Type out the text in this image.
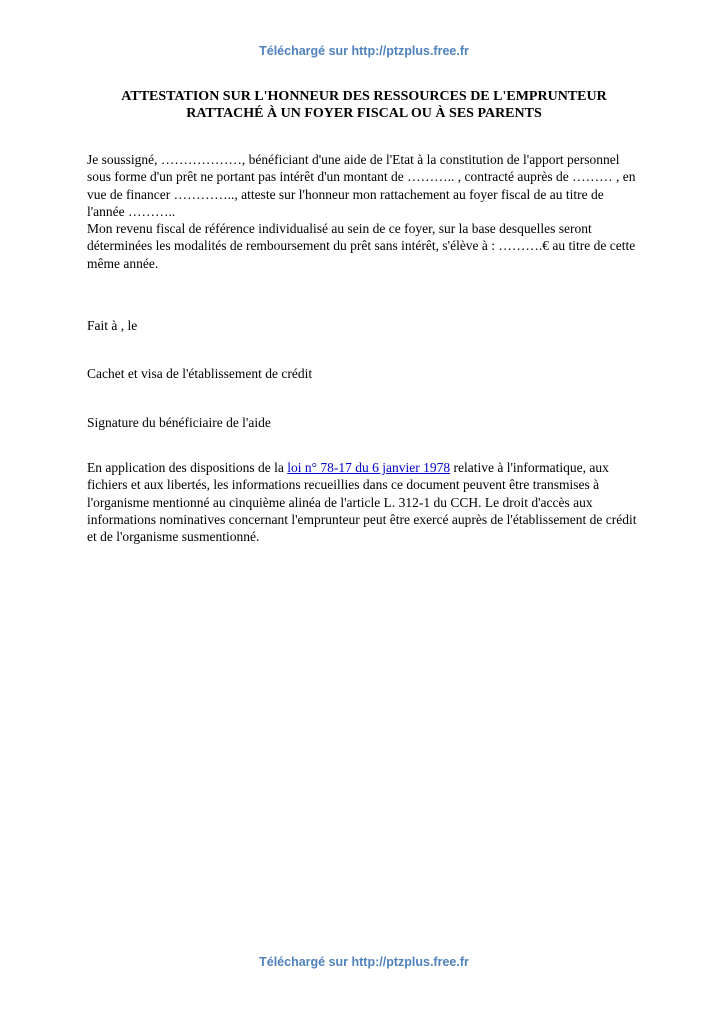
Téléchargé sur http://ptzplus.free.fr
ATTESTATION SUR L'HONNEUR DES RESSOURCES DE L'EMPRUNTEUR
RATTACHÉ À UN FOYER FISCAL OU À SES PARENTS

Je soussigné, ………………, bénéficiant d'une aide de l'Etat à la constitution de l'apport personnel sous forme d'un prêt ne portant pas intérêt d'un montant de ……….. , contracté auprès de ……… , en vue de financer ………….., atteste sur l'honneur mon rattachement au foyer fiscal de au titre de l'année ………..
Mon revenu fiscal de référence individualisé au sein de ce foyer, sur la base desquelles seront déterminées les modalités de remboursement du prêt sans intérêt, s'élève à : ……….€ au titre de cette même année.

Fait à , le

Cachet et visa de l'établissement de crédit

Signature du bénéficiaire de l'aide

En application des dispositions de la loi n° 78-17 du 6 janvier 1978 relative à l'informatique, aux fichiers et aux libertés, les informations recueillies dans ce document peuvent être transmises à l'organisme mentionné au cinquième alinéa de l'article L. 312-1 du CCH. Le droit d'accès aux informations nominatives concernant l'emprunteur peut être exercé auprès de l'établissement de crédit et de l'organisme susmentionné.

Téléchargé sur http://ptzplus.free.fr
